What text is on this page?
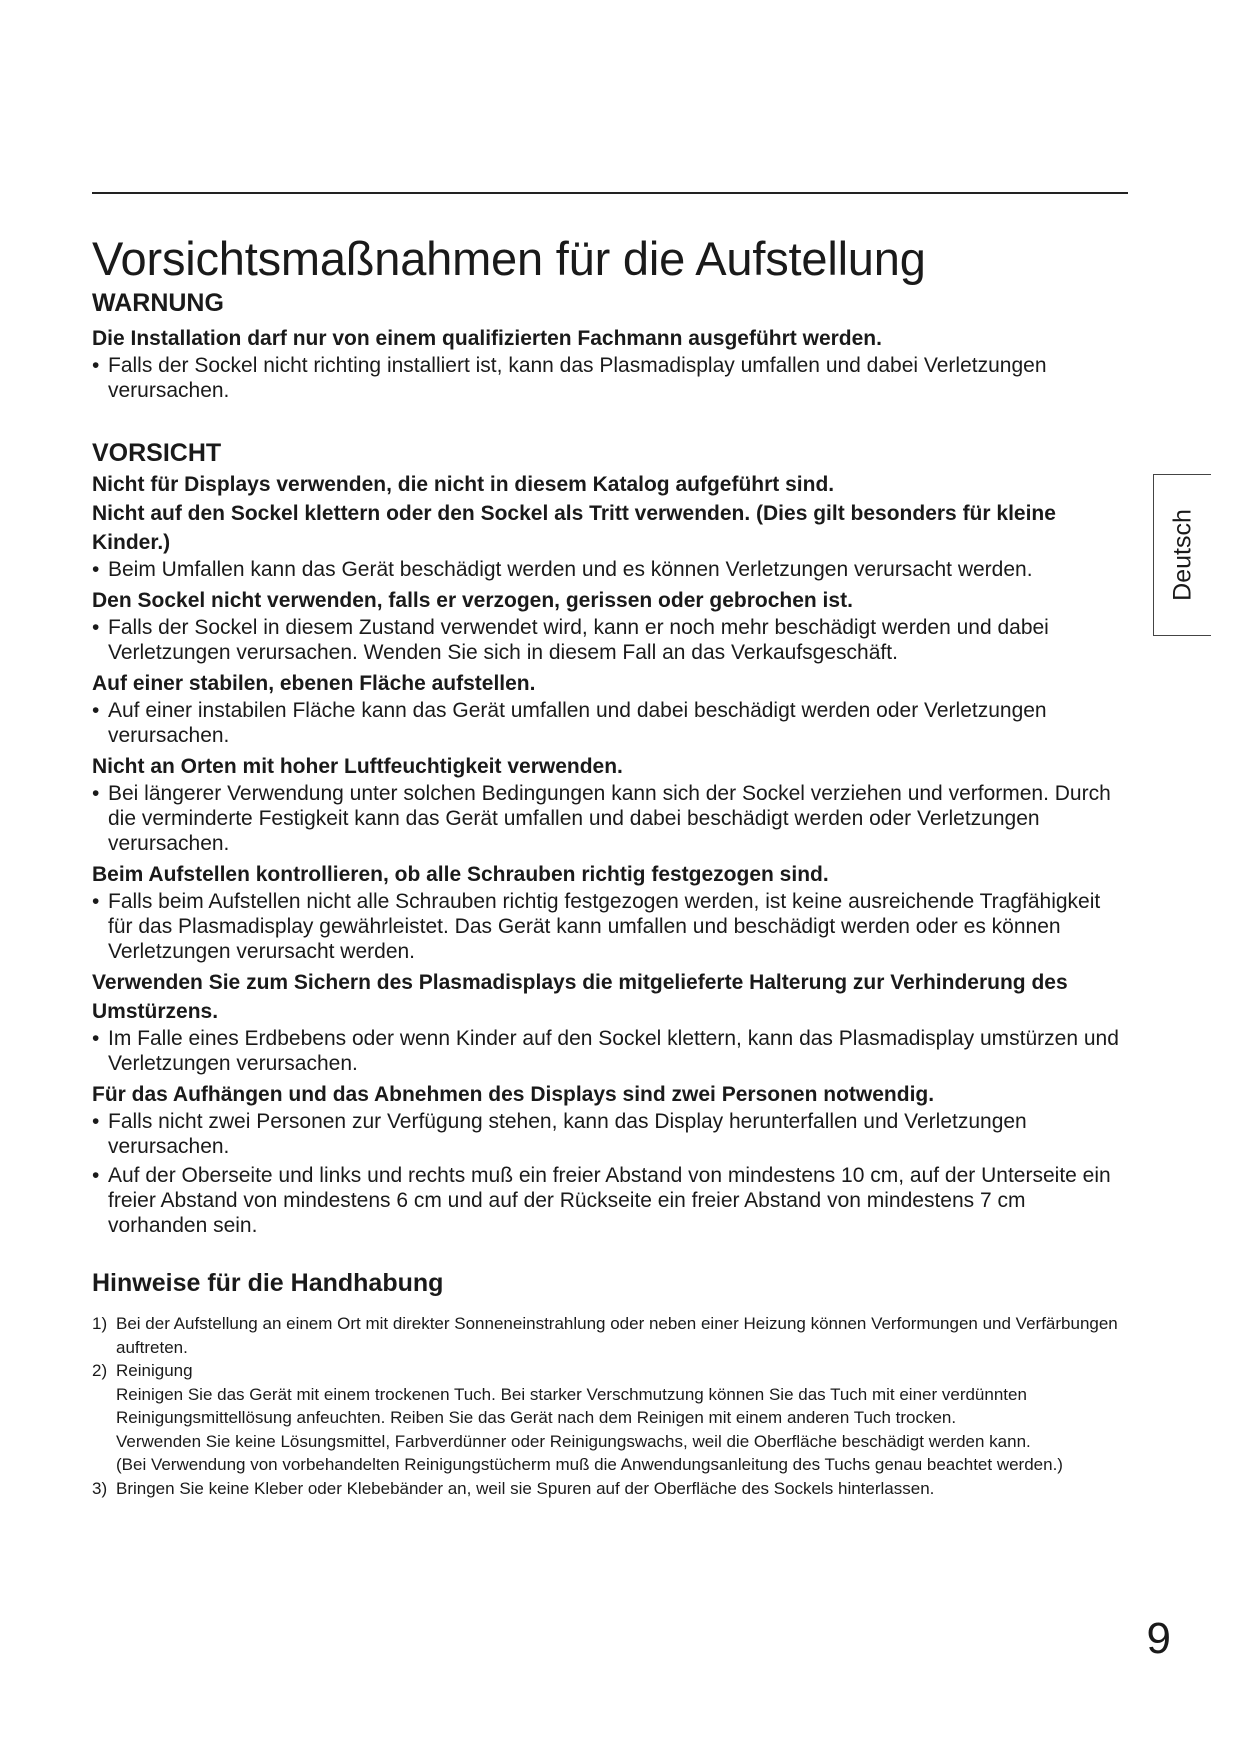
Vorsichtsmaßnahmen für die Aufstellung
WARNUNG

Die Installation darf nur von einem qualifizierten Fachmann ausgeführt werden.

• Falls der Sockel nicht richting installiert ist, kann das Plasmadisplay umfallen und dabei Verletzungen verursachen.

VORSICHT

Nicht für Displays verwenden, die nicht in diesem Katalog aufgeführt sind.

Nicht auf den Sockel klettern oder den Sockel als Tritt verwenden. (Dies gilt besonders für kleine Kinder.)

• Beim Umfallen kann das Gerät beschädigt werden und es können Verletzungen verursacht werden.

Den Sockel nicht verwenden, falls er verzogen, gerissen oder gebrochen ist.

• Falls der Sockel in diesem Zustand verwendet wird, kann er noch mehr beschädigt werden und dabei Verletzungen verursachen. Wenden Sie sich in diesem Fall an das Verkaufsgeschäft.

Auf einer stabilen, ebenen Fläche aufstellen.

• Auf einer instabilen Fläche kann das Gerät umfallen und dabei beschädigt werden oder Verletzungen verursachen.

Nicht an Orten mit hoher Luftfeuchtigkeit verwenden.

• Bei längerer Verwendung unter solchen Bedingungen kann sich der Sockel verziehen und verformen. Durch die verminderte Festigkeit kann das Gerät umfallen und dabei beschädigt werden oder Verletzungen verursachen.

Beim Aufstellen kontrollieren, ob alle Schrauben richtig festgezogen sind.

• Falls beim Aufstellen nicht alle Schrauben richtig festgezogen werden, ist keine ausreichende Tragfähigkeit für das Plasmadisplay gewährleistet. Das Gerät kann umfallen und beschädigt werden oder es können Verletzungen verursacht werden.

Verwenden Sie zum Sichern des Plasmadisplays die mitgelieferte Halterung zur Verhinderung des Umstürzens.

• Im Falle eines Erdbebens oder wenn Kinder auf den Sockel klettern, kann das Plasmadisplay umstürzen und Verletzungen verursachen.

Für das Aufhängen und das Abnehmen des Displays sind zwei Personen notwendig.

• Falls nicht zwei Personen zur Verfügung stehen, kann das Display herunterfallen und Verletzungen verursachen.

• Auf der Oberseite und links und rechts muß ein freier Abstand von mindestens 10 cm, auf der Unterseite ein freier Abstand von mindestens 6 cm und auf der Rückseite ein freier Abstand von mindestens 7 cm vorhanden sein.

Hinweise für die Handhabung
1) Bei der Aufstellung an einem Ort mit direkter Sonneneinstrahlung oder neben einer Heizung können Verformungen und Verfärbungen auftreten.

2) Reinigung

Reinigen Sie das Gerät mit einem trockenen Tuch. Bei starker Verschmutzung können Sie das Tuch mit einer verdünnten Reinigungsmittellösung anfeuchten. Reiben Sie das Gerät nach dem Reinigen mit einem anderen Tuch trocken.

Verwenden Sie keine Lösungsmittel, Farbverdünner oder Reinigungswachs, weil die Oberfläche beschädigt werden kann.

(Bei Verwendung von vorbehandelten Reinigungstücherm muß die Anwendungsanleitung des Tuchs genau beachtet werden.)

3) Bringen Sie keine Kleber oder Klebebänder an, weil sie Spuren auf der Oberfläche des Sockels hinterlassen.

Deutsch
9
